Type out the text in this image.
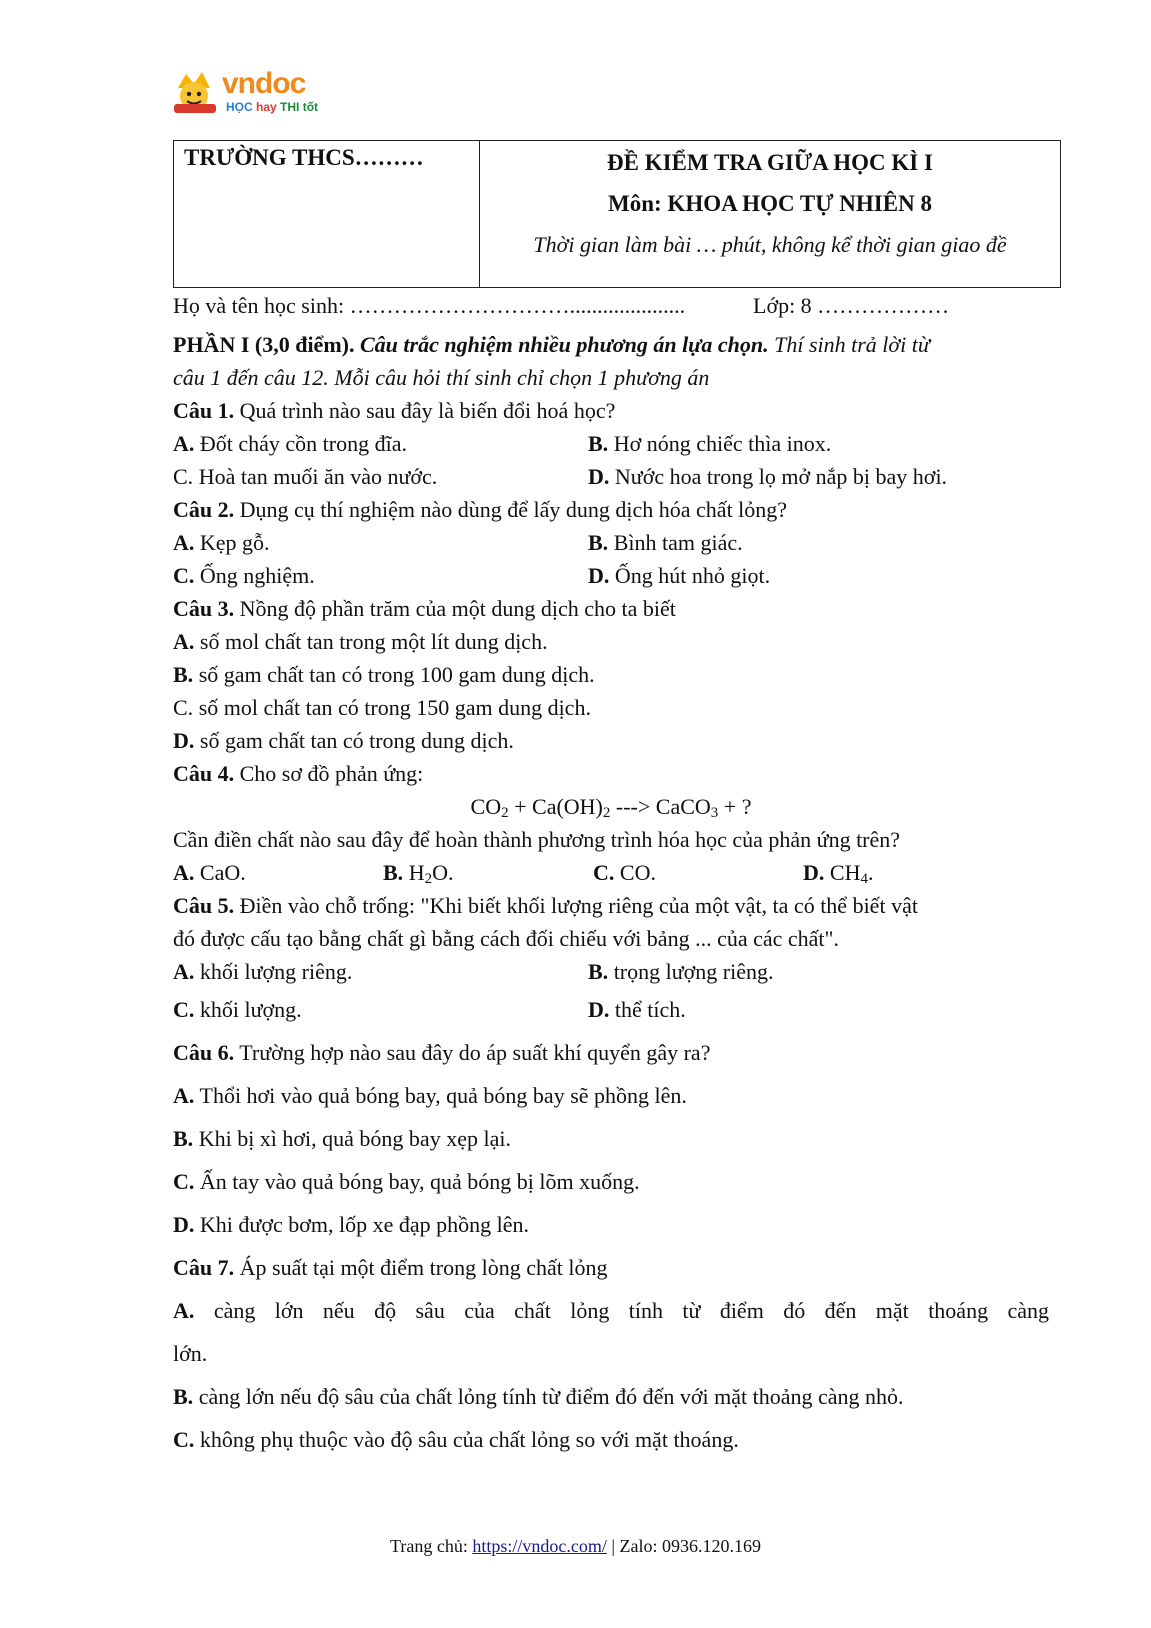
vndoc
HỌC hay THI tốt
TRƯỜNG THCS………	ĐỀ KIỂM TRA GIỮA HỌC KÌ I
Môn: KHOA HỌC TỰ NHIÊN 8
Thời gian làm bài … phút, không kể thời gian giao đề
Họ và tên học sinh: ………………………….....................	Lớp: 8 ………………
PHẦN I (3,0 điểm). Câu trắc nghiệm nhiều phương án lựa chọn. Thí sinh trả lời từ
câu 1 đến câu 12. Mỗi câu hỏi thí sinh chỉ chọn 1 phương án
Câu 1. Quá trình nào sau đây là biến đổi hoá học?
A. Đốt cháy cồn trong đĩa.	B. Hơ nóng chiếc thìa inox.
C. Hoà tan muối ăn vào nước.	D. Nước hoa trong lọ mở nắp bị bay hơi.
Câu 2. Dụng cụ thí nghiệm nào dùng để lấy dung dịch hóa chất lỏng?
A. Kẹp gỗ.	B. Bình tam giác.
C. Ống nghiệm.	D. Ống hút nhỏ giọt.
Câu 3. Nồng độ phần trăm của một dung dịch cho ta biết
A. số mol chất tan trong một lít dung dịch.
B. số gam chất tan có trong 100 gam dung dịch.
C. số mol chất tan có trong 150 gam dung dịch.
D. số gam chất tan có trong dung dịch.
Câu 4. Cho sơ đồ phản ứng:
$CO_2 + Ca(OH)_2$ ---> CaCO$_3$ + ?
Cần điền chất nào sau đây để hoàn thành phương trình hóa học của phản ứng trên?
A. CaO.	B. $H_2O$.	C. CO.	D. $CH_4$.
Câu 5. Điền vào chỗ trống: "Khi biết khối lượng riêng của một vật, ta có thể biết vật
đó được cấu tạo bằng chất gì bằng cách đối chiếu với bảng ... của các chất".
A. khối lượng riêng.	B. trọng lượng riêng.
C. khối lượng.	D. thể tích.
Câu 6. Trường hợp nào sau đây do áp suất khí quyển gây ra?
A. Thổi hơi vào quả bóng bay, quả bóng bay sẽ phồng lên.
B. Khi bị xì hơi, quả bóng bay xẹp lại.
C. Ấn tay vào quả bóng bay, quả bóng bị lõm xuống.
D. Khi được bơm, lốp xe đạp phồng lên.
Câu 7. Áp suất tại một điểm trong lòng chất lỏng
A. càng lớn nếu độ sâu của chất lỏng tính từ điểm đó đến mặt thoáng càng
lớn.
B. càng lớn nếu độ sâu của chất lỏng tính từ điểm đó đến với mặt thoảng càng nhỏ.
C. không phụ thuộc vào độ sâu của chất lỏng so với mặt thoáng.
Trang chủ: https://vndoc.com/ | Zalo: 0936.120.169
